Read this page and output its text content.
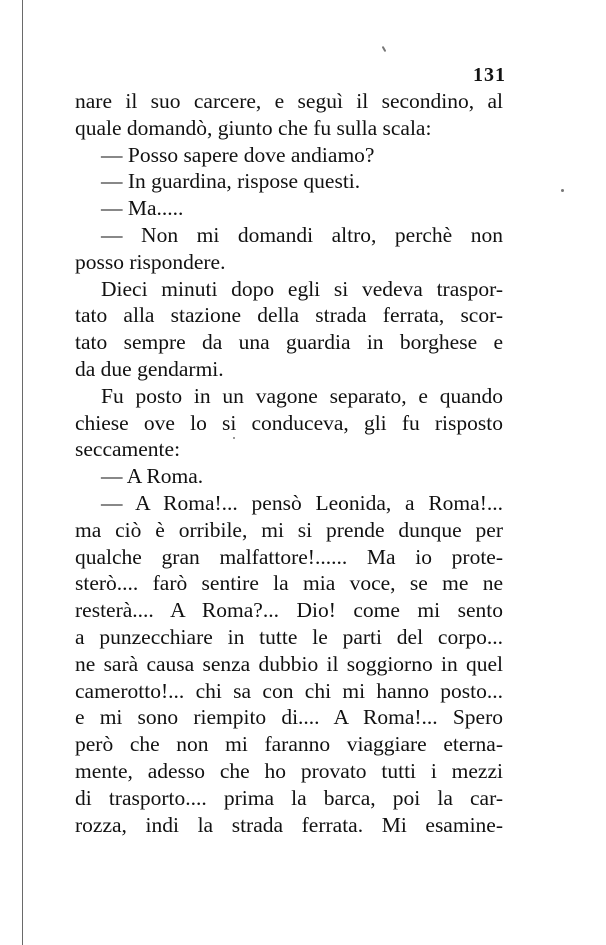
131
nare il suo carcere, e seguì il secondino, al
quale domandò, giunto che fu sulla scala:
— Posso sapere dove andiamo?
— In guardina, rispose questi.
— Ma.....
— Non mi domandi altro, perchè non
posso rispondere.
Dieci minuti dopo egli si vedeva traspor-
tato alla stazione della strada ferrata, scor-
tato sempre da una guardia in borghese e
da due gendarmi.
Fu posto in un vagone separato, e quando
chiese ove lo si conduceva, gli fu risposto
seccamente:
— A Roma.
— A Roma!... pensò Leonida, a Roma!...
ma ciò è orribile, mi si prende dunque per
qualche gran malfattore!...... Ma io prote-
sterò.... farò sentire la mia voce, se me ne
resterà.... A Roma?... Dio! come mi sento
a punzecchiare in tutte le parti del corpo...
ne sarà causa senza dubbio il soggiorno in quel
camerotto!... chi sa con chi mi hanno posto...
e mi sono riempito di.... A Roma!... Spero
però che non mi faranno viaggiare eterna-
mente, adesso che ho provato tutti i mezzi
di trasporto.... prima la barca, poi la car-
rozza, indi la strada ferrata. Mi esamine-
